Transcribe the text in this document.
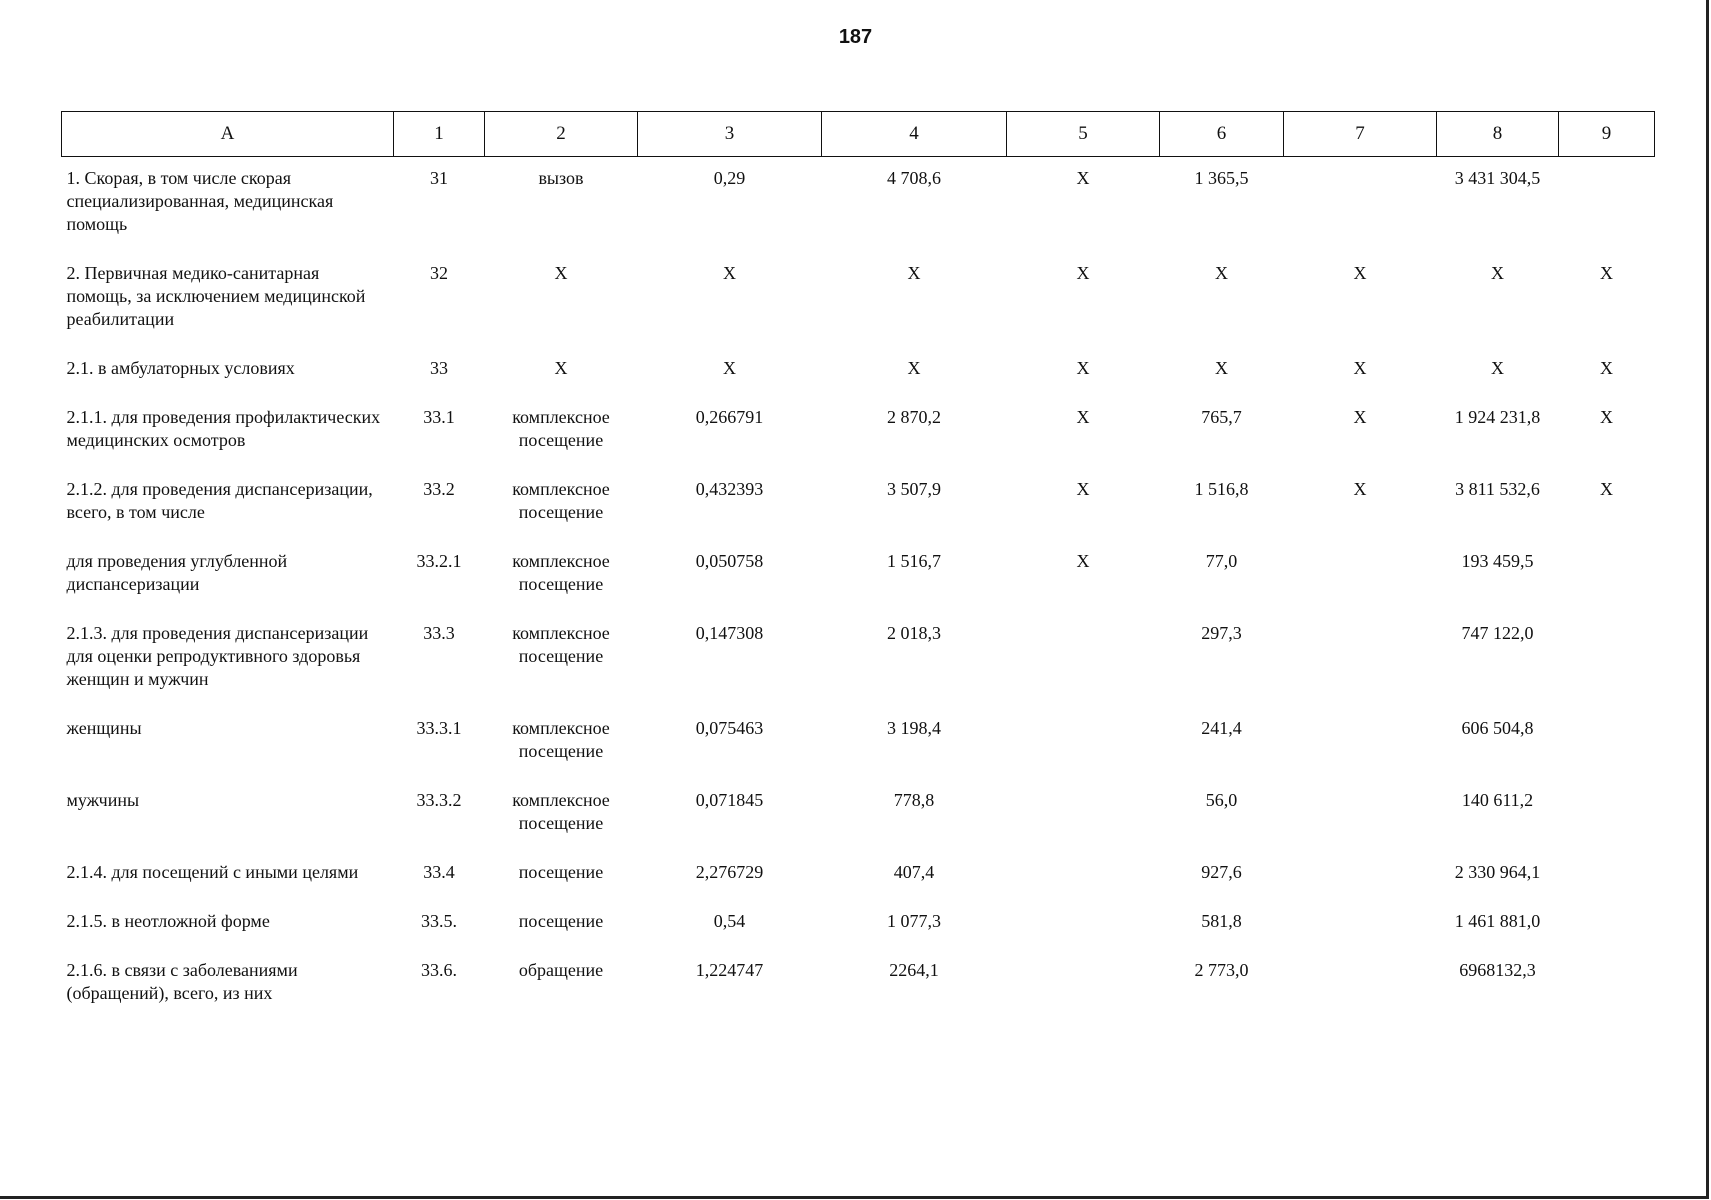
187
А	1	2	3	4	5	6	7	8	9
1. Скорая, в том числе скорая специализированная, медицинская помощь	31	вызов	0,29	4 708,6	X	1 365,5		3 431 304,5	
2. Первичная медико-санитарная помощь, за исключением медицинской реабилитации	32	X	X	X	X	X	X	X	X
2.1. в амбулаторных условиях	33	X	X	X	X	X	X	X	X
2.1.1. для проведения профилактических медицинских осмотров	33.1	комплексное посещение	0,266791	2 870,2	X	765,7	X	1 924 231,8	X
2.1.2. для проведения диспансеризации, всего, в том числе	33.2	комплексное посещение	0,432393	3 507,9	X	1 516,8	X	3 811 532,6	X
для проведения углубленной диспансеризации	33.2.1	комплексное посещение	0,050758	1 516,7	X	77,0		193 459,5	
2.1.3. для проведения диспансеризации для оценки репродуктивного здоровья женщин и мужчин	33.3	комплексное посещение	0,147308	2 018,3		297,3		747 122,0	
женщины	33.3.1	комплексное посещение	0,075463	3 198,4		241,4		606 504,8	
мужчины	33.3.2	комплексное посещение	0,071845	778,8		56,0		140 611,2	
2.1.4. для посещений с иными целями	33.4	посещение	2,276729	407,4		927,6		2 330 964,1	
2.1.5. в неотложной форме	33.5.	посещение	0,54	1 077,3		581,8		1 461 881,0	
2.1.6. в связи с заболеваниями (обращений), всего, из них	33.6.	обращение	1,224747	2264,1		2 773,0		6968132,3	
